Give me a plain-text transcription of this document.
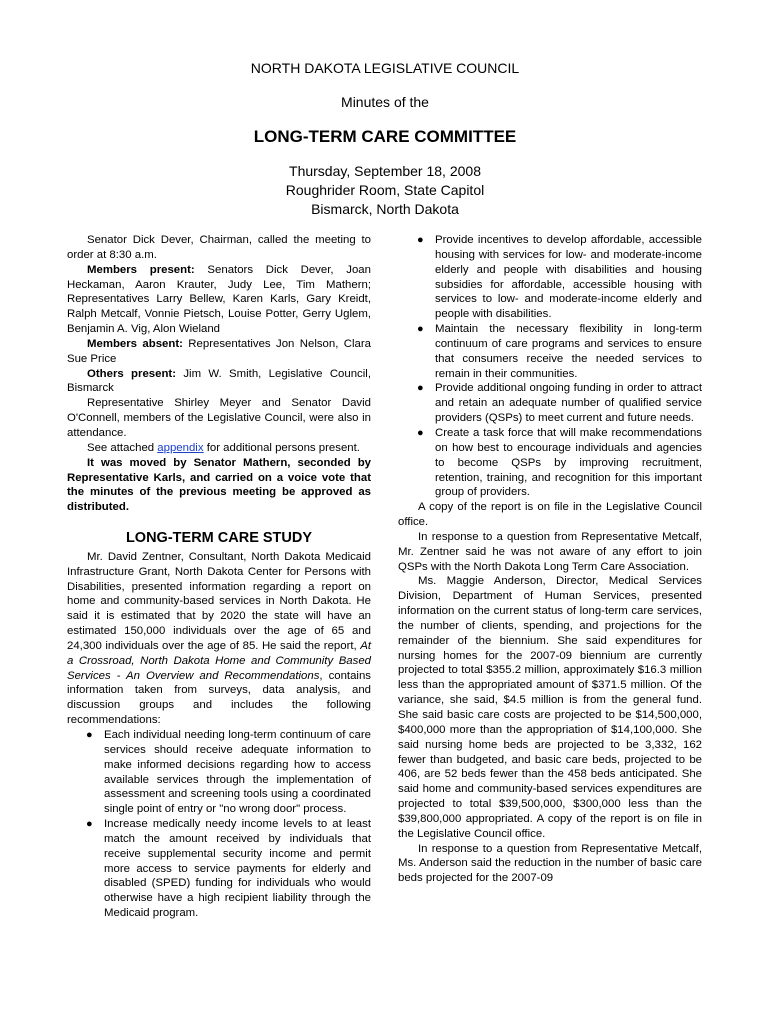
NORTH DAKOTA LEGISLATIVE COUNCIL
Minutes of the
LONG-TERM CARE COMMITTEE
Thursday, September 18, 2008
Roughrider Room, State Capitol
Bismarck, North Dakota

Senator Dick Dever, Chairman, called the meeting to order at 8:30 a.m.

Members present: Senators Dick Dever, Joan Heckaman, Aaron Krauter, Judy Lee, Tim Mathern; Representatives Larry Bellew, Karen Karls, Gary Kreidt, Ralph Metcalf, Vonnie Pietsch, Louise Potter, Gerry Uglem, Benjamin A. Vig, Alon Wieland

Members absent: Representatives Jon Nelson, Clara Sue Price

Others present: Jim W. Smith, Legislative Council, Bismarck

Representative Shirley Meyer and Senator David O'Connell, members of the Legislative Council, were also in attendance.

See attached appendix for additional persons present.

It was moved by Senator Mathern, seconded by Representative Karls, and carried on a voice vote that the minutes of the previous meeting be approved as distributed.

LONG-TERM CARE STUDY

Mr. David Zentner, Consultant, North Dakota Medicaid Infrastructure Grant, North Dakota Center for Persons with Disabilities, presented information regarding a report on home and community-based services in North Dakota. He said it is estimated that by 2020 the state will have an estimated 150,000 individuals over the age of 65 and 24,300 individuals over the age of 85. He said the report, At a Crossroad, North Dakota Home and Community Based Services - An Overview and Recommendations, contains information taken from surveys, data analysis, and discussion groups and includes the following recommendations:

● Each individual needing long-term continuum of care services should receive adequate information to make informed decisions regarding how to access available services through the implementation of assessment and screening tools using a coordinated single point of entry or "no wrong door" process.
● Increase medically needy income levels to at least match the amount received by individuals that receive supplemental security income and permit more access to service payments for elderly and disabled (SPED) funding for individuals who would otherwise have a high recipient liability through the Medicaid program.
● Provide incentives to develop affordable, accessible housing with services for low- and moderate-income elderly and people with disabilities and housing subsidies for affordable, accessible housing with services to low- and moderate-income elderly and people with disabilities.
● Maintain the necessary flexibility in long-term continuum of care programs and services to ensure that consumers receive the needed services to remain in their communities.
● Provide additional ongoing funding in order to attract and retain an adequate number of qualified service providers (QSPs) to meet current and future needs.
● Create a task force that will make recommendations on how best to encourage individuals and agencies to become QSPs by improving recruitment, retention, training, and recognition for this important group of providers.

A copy of the report is on file in the Legislative Council office.

In response to a question from Representative Metcalf, Mr. Zentner said he was not aware of any effort to join QSPs with the North Dakota Long Term Care Association.

Ms. Maggie Anderson, Director, Medical Services Division, Department of Human Services, presented information on the current status of long-term care services, the number of clients, spending, and projections for the remainder of the biennium. She said expenditures for nursing homes for the 2007-09 biennium are currently projected to total $355.2 million, approximately $16.3 million less than the appropriated amount of $371.5 million. Of the variance, she said, $4.5 million is from the general fund. She said basic care costs are projected to be $14,500,000, $400,000 more than the appropriation of $14,100,000. She said nursing home beds are projected to be 3,332, 162 fewer than budgeted, and basic care beds, projected to be 406, are 52 beds fewer than the 458 beds anticipated. She said home and community-based services expenditures are projected to total $39,500,000, $300,000 less than the $39,800,000 appropriated. A copy of the report is on file in the Legislative Council office.

In response to a question from Representative Metcalf, Ms. Anderson said the reduction in the number of basic care beds projected for the 2007-09
